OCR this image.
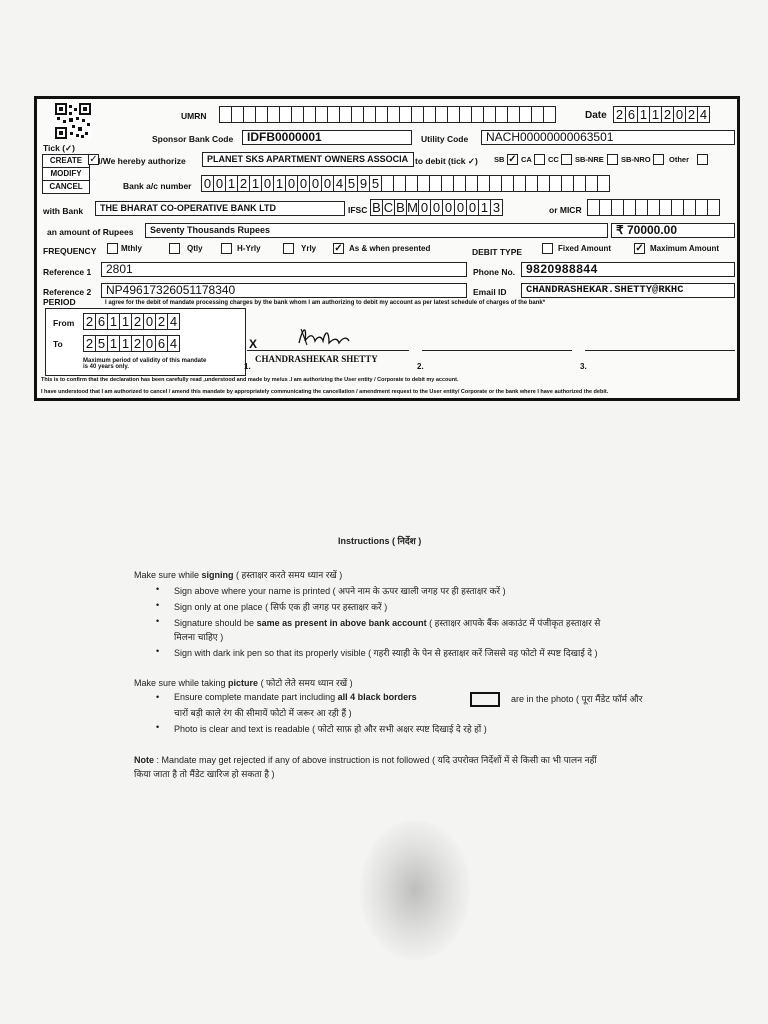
UMRN	Date 2 6 1 1 2 0 2 4
Sponsor Bank Code	IDFB0000001	Utility Code	NACH00000000063501
Tick (✓)
CREATE ✓
MODIFY
CANCEL
I/We hereby authorize	PLANET SKS APARTMENT OWNERS ASSOCIA to debit (tick ✓) SB ✓ CA CC SB-NRE SB-NRO Other
Bank a/c number 0 0 1 2 1 0 1 0 0 0 0 4 5 9 5
with Bank	THE BHARAT CO-OPERATIVE BANK LTD	IFSC B C B M 0 0 0 0 0 1 3	or MICR
an amount of Rupees	Seventy Thousands Rupees	₹ 70000.00
FREQUENCY	Mthly	Qtly	H-Yrly	Yrly ✓ As & when presented	DEBIT TYPE	Fixed Amount ✓ Maximum Amount
Reference 1	2801	Phone No. 9820988844
Reference 2	NP49617326051178340	Email ID	CHANDRASHEKAR.SHETTY@RKHC
PERIOD	I agree for the debit of mandate processing charges by the bank whom I am authorizing to debit my account as per latest schedule of charges of the bank*
From 2 6 1 1 2 0 2 4
To 2 5 1 1 2 0 6 4
Maximum period of validity of this mandate is 40 years only.
X
CHANDRASHEKAR SHETTY
1.	2.	3.
This is to confirm that the declaration has been carefully read ,understood and made by me/us .I am authorizing the User entity / Corporate to debit my account.
I have understood that I am authorized to cancel / amend this mandate by appropriately communicating the cancellation / amendment request to the User entity/ Corporate or the bank where I have authorized the debit.
Instructions ( निर्देश )
Make sure while signing ( हस्ताक्षर करते समय ध्यान रखें )
• Sign above where your name is printed ( अपने नाम के ऊपर खाली जगह पर ही हस्ताक्षर करें )
• Sign only at one place ( सिर्फ एक ही जगह पर हस्ताक्षर करें )
• Signature should be same as present in above bank account ( हस्ताक्षर आपके बैंक अकाउंट में पंजीकृत हस्ताक्षर से
मिलना चाहिए )
• Sign with dark ink pen so that its properly visible ( गहरी स्याही के पेन से हस्ताक्षर करें जिससे वह फोटो में स्पष्ट दिखाई दे )
Make sure while taking picture ( फोटो लेते समय ध्यान रखें )
• Ensure complete mandate part including all 4 black borders	are in the photo ( पूरा मैंडेट फॉर्म और
चारों बड़ी काले रंग की सीमायें फोटो में जरूर आ रही हैं )
• Photo is clear and text is readable ( फोटो साफ़ हो और सभी अक्षर स्पष्ट दिखाई दे रहे हों )
Note : Mandate may get rejected if any of above instruction is not followed ( यदि उपरोक्त निर्देशों में से किसी का भी पालन नहीं
किया जाता है तो मैंडेट खारिज हो सकता है )
